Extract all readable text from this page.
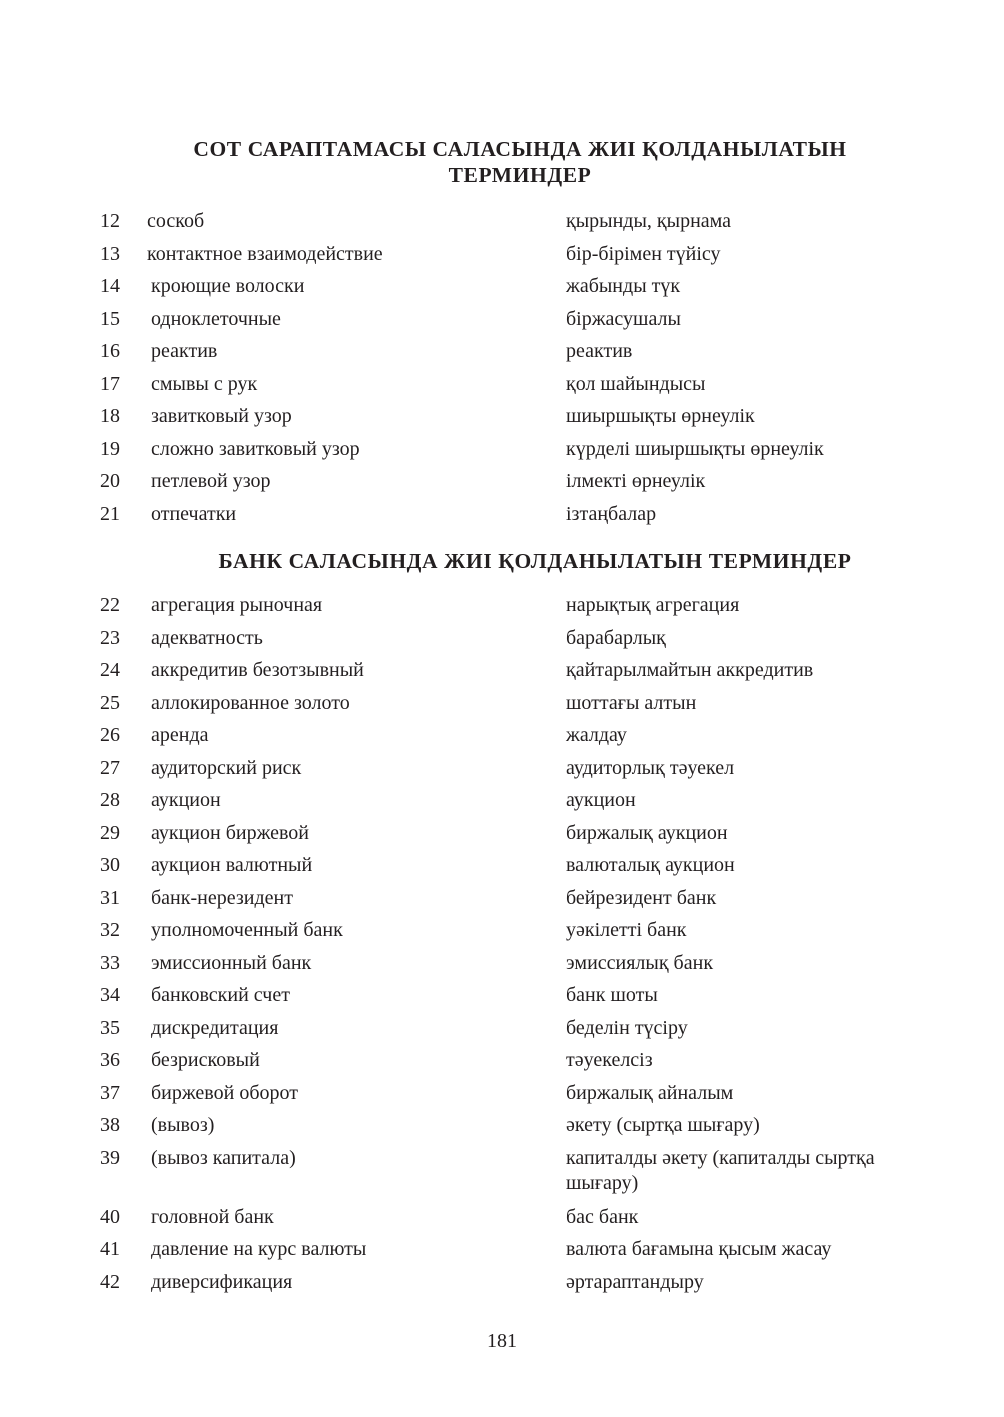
СОТ САРАПТАМАСЫ САЛАСЫНДА ЖИІ ҚОЛДАНЫЛАТЫН
ТЕРМИНДЕР
12	соскоб	қырынды, қырнама
13	контактное взаимодействие	бір-бірімен түйісу
14	кроющие волоски	жабынды түк
15	одноклеточные	біржасушалы
16	реактив	реактив
17	смывы с рук	қол шайындысы
18	завитковый узор	шиыршықты өрнеулік
19	сложно завитковый узор	күрделі шиыршықты өрнеулік
20	петлевой узор	ілмекті өрнеулік
21	отпечатки	ізтаңбалар
БАНК САЛАСЫНДА ЖИІ ҚОЛДАНЫЛАТЫН ТЕРМИНДЕР
22	агрегация рыночная	нарықтық агрегация
23	адекватность	барабарлық
24	аккредитив безотзывный	қайтарылмайтын аккредитив
25	аллокированное золото	шоттағы алтын
26	аренда	жалдау
27	аудиторский риск	аудиторлық тәуекел
28	аукцион	аукцион
29	аукцион биржевой	биржалық аукцион
30	аукцион валютный	валюталық аукцион
31	банк-нерезидент	бейрезидент банк
32	уполномоченный банк	уәкілетті банк
33	эмиссионный банк	эмиссиялық банк
34	банковский счет	банк шоты
35	дискредитация	беделін түсіру
36	безрисковый	тәуекелсіз
37	биржевой оборот	биржалық айналым
38	(вывоз)	әкету (сыртқа шығару)
39	(вывоз капитала)	капиталды әкету (капиталды сыртқа шығару)
40	головной банк	бас банк
41	давление на курс валюты	валюта бағамына қысым жасау
42	диверсификация	әртараптандыру
181
